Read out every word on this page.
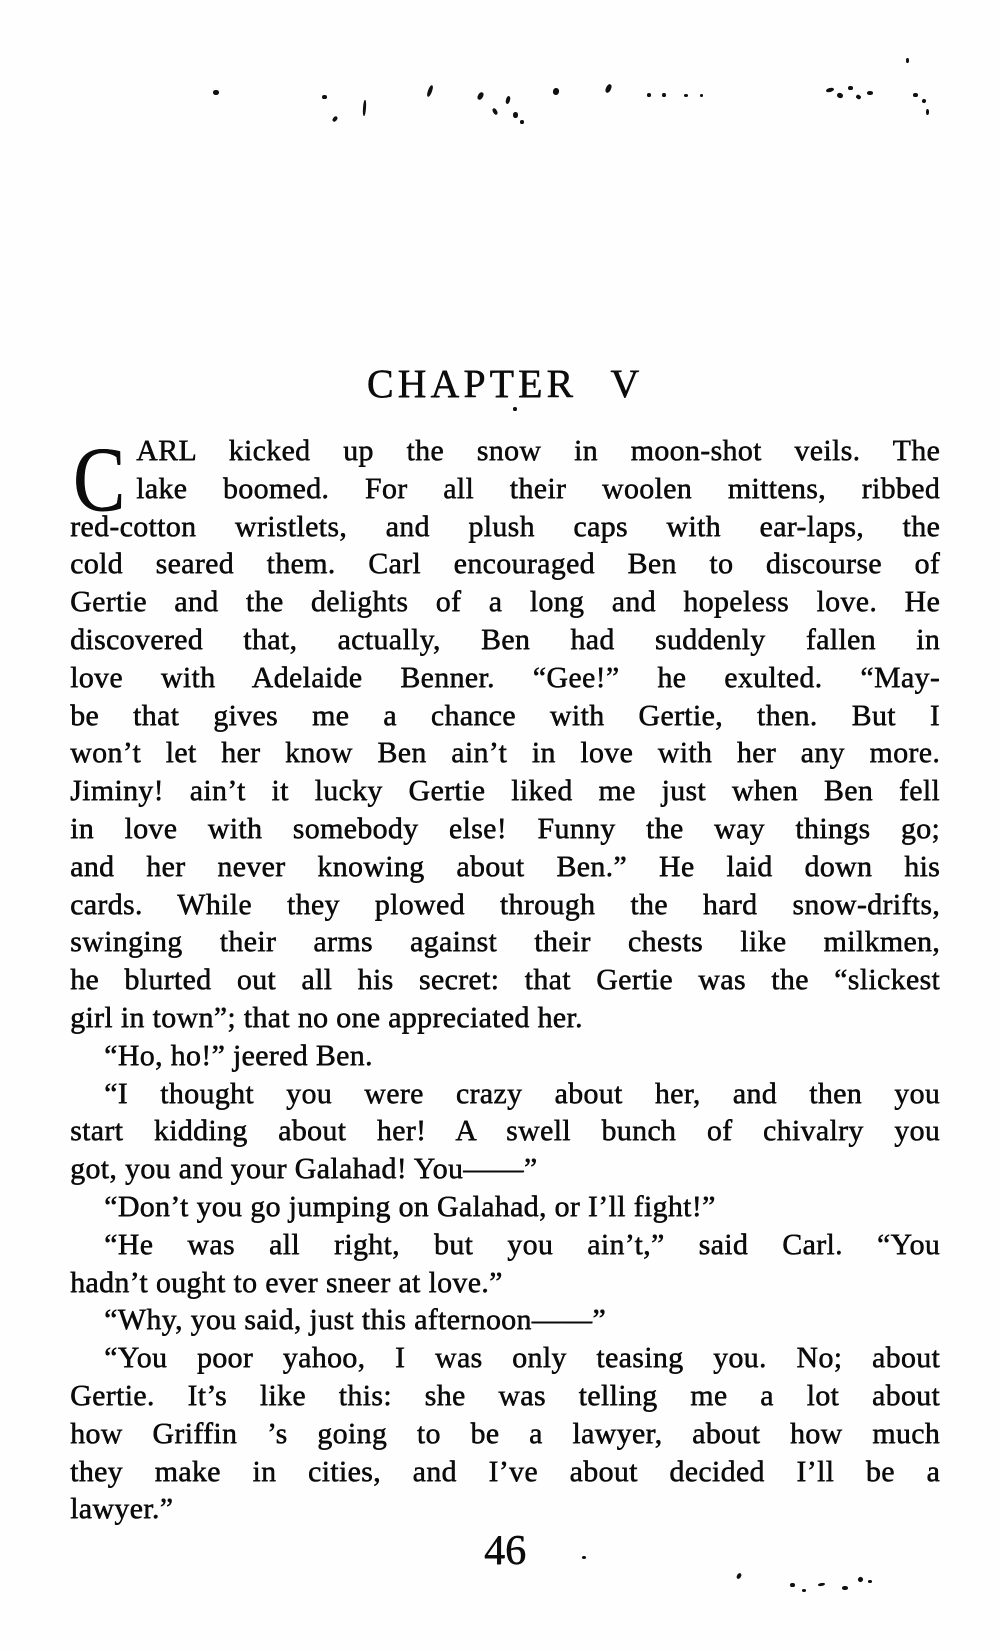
CHAPTER V
C ARL kicked up the snow in moon-shot veils. The
lake boomed. For all their woolen mittens, ribbed
red-cotton wristlets, and plush caps with ear-laps, the
cold seared them. Carl encouraged Ben to discourse of
Gertie and the delights of a long and hopeless love. He
discovered that, actually, Ben had suddenly fallen in
love with Adelaide Benner. “Gee!” he exulted. “May-
be that gives me a chance with Gertie, then. But I
won’t let her know Ben ain’t in love with her any more.
Jiminy! ain’t it lucky Gertie liked me just when Ben fell
in love with somebody else! Funny the way things go;
and her never knowing about Ben.” He laid down his
cards. While they plowed through the hard snow-drifts,
swinging their arms against their chests like milkmen,
he blurted out all his secret: that Gertie was the “slickest
girl in town”; that no one appreciated her.
“Ho, ho!” jeered Ben.
“I thought you were crazy about her, and then you
start kidding about her! A swell bunch of chivalry you
got, you and your Galahad! You——”
“Don’t you go jumping on Galahad, or I’ll fight!”
“He was all right, but you ain’t,” said Carl. “You
hadn’t ought to ever sneer at love.”
“Why, you said, just this afternoon——”
“You poor yahoo, I was only teasing you. No; about
Gertie. It’s like this: she was telling me a lot about
how Griffin ’s going to be a lawyer, about how much
they make in cities, and I’ve about decided I’ll be a
lawyer.”
46
